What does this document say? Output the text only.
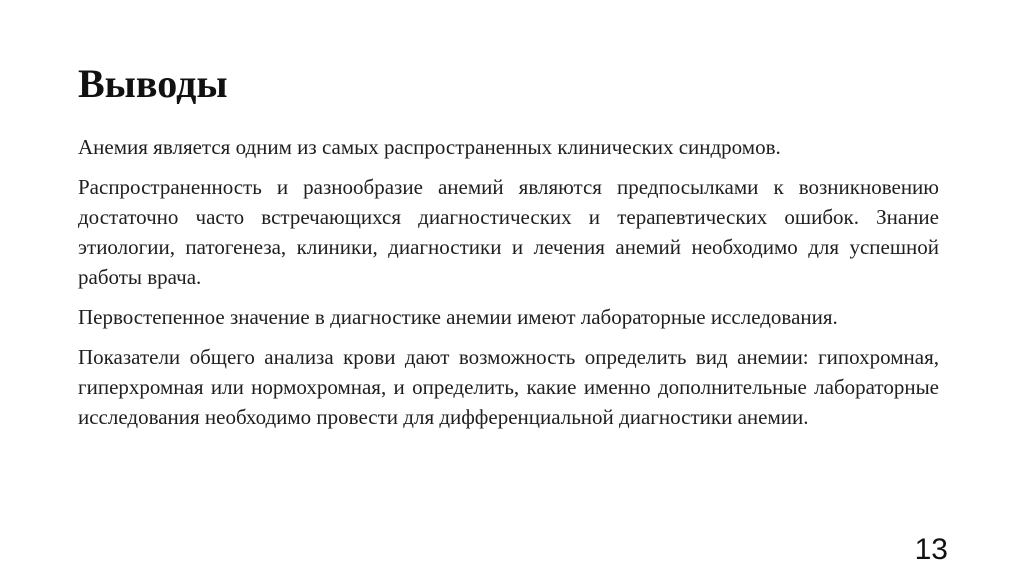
Выводы

Анемия является одним из самых распространенных клинических синдромов.

Распространенность и разнообразие анемий являются предпосылками к возникновению достаточно часто встречающихся диагностических и терапевтических ошибок. Знание этиологии, патогенеза, клиники, диагностики и лечения анемий необходимо для успешной работы врача.

Первостепенное значение в диагностике анемии имеют лабораторные исследования.

Показатели общего анализа крови дают возможность определить вид анемии: гипохромная, гиперхромная или нормохромная, и определить, какие именно дополнительные лабораторные исследования необходимо провести для дифференциальной диагностики анемии.

13
